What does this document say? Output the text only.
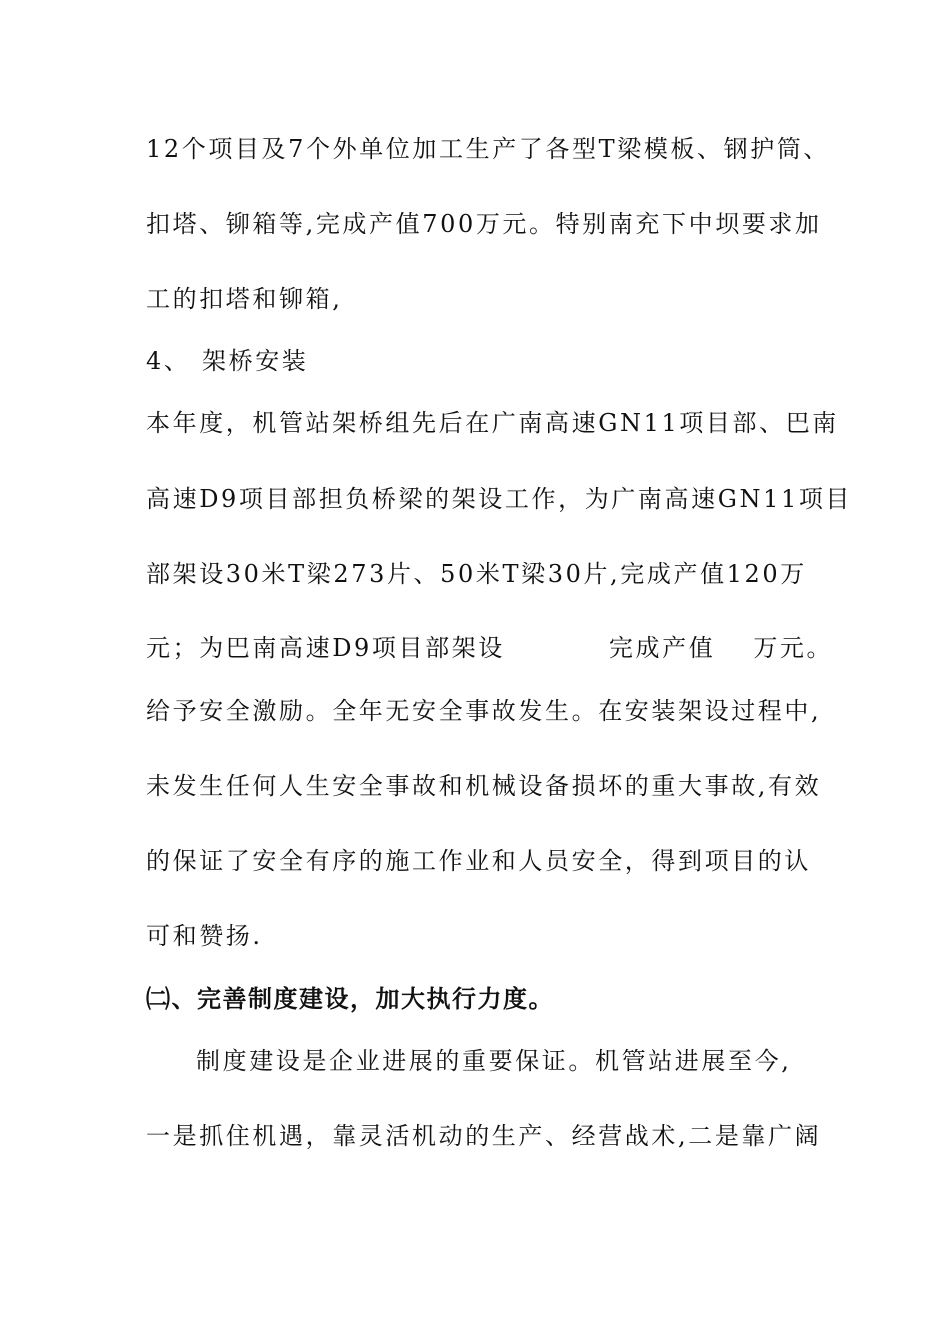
12个项目及7个外单位加工生产了各型T梁模板、钢护筒、
扣塔、铆箱等,完成产值700万元。特别南充下中坝要求加
工的扣塔和铆箱,
4、 架桥安装
本年度，机管站架桥组先后在广南高速GN11项目部、巴南
高速D9项目部担负桥梁的架设工作，为广南高速GN11项目
部架设30米T梁273片、50米T梁30片,完成产值120万
元；为巴南高速D9项目部架设	完成产值 万元。
给予安全激励。全年无安全事故发生。在安装架设过程中,
未发生任何人生安全事故和机械设备损坏的重大事故,有效
的保证了安全有序的施工作业和人员安全，得到项目的认
可和赞扬.
㈡、完善制度建设，加大执行力度。
制度建设是企业进展的重要保证。机管站进展至今,
一是抓住机遇，靠灵活机动的生产、经营战术,二是靠广阔
